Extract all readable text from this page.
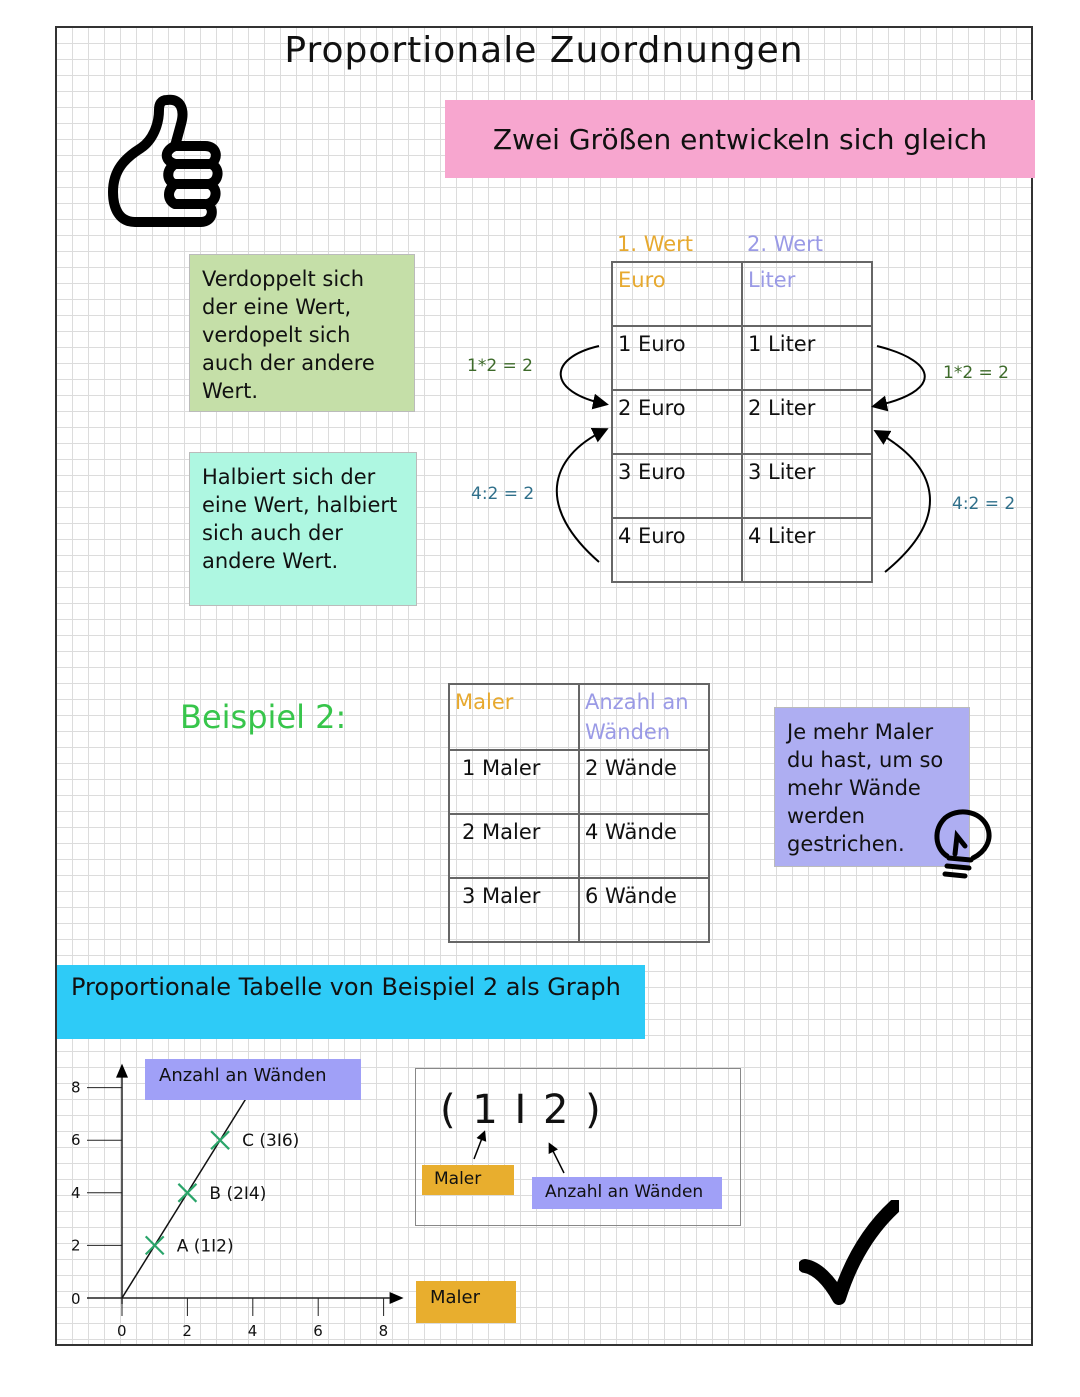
Proportionale Zuordnungen
Zwei Größen entwickeln sich gleich
Verdoppelt sich der eine Wert, verdopelt sich auch der andere Wert.
Halbiert sich der eine Wert, halbiert sich auch der andere Wert.
1. Wert	2. Wert
Euro	Liter
1 Euro	1 Liter
2 Euro	2 Liter
3 Euro	3 Liter
4 Euro	4 Liter
1*2 = 2	1*2 = 2
4:2 = 2	4:2 = 2
Beispiel 2:	Maler	Anzahl an Wänden
1 Maler	2 Wände
2 Maler	4 Wände
3 Maler	6 Wände
Je mehr Maler du hast, um so mehr Wände werden gestrichen.
Proportionale Tabelle von Beispiel 2 als Graph
0	2	4	6	8
0
2
4
6
8
A (1I2)
B (2I4)
C (3I6)
Anzahl an Wänden
Maler
( 1 I 2 )
Maler
Anzahl an Wänden
